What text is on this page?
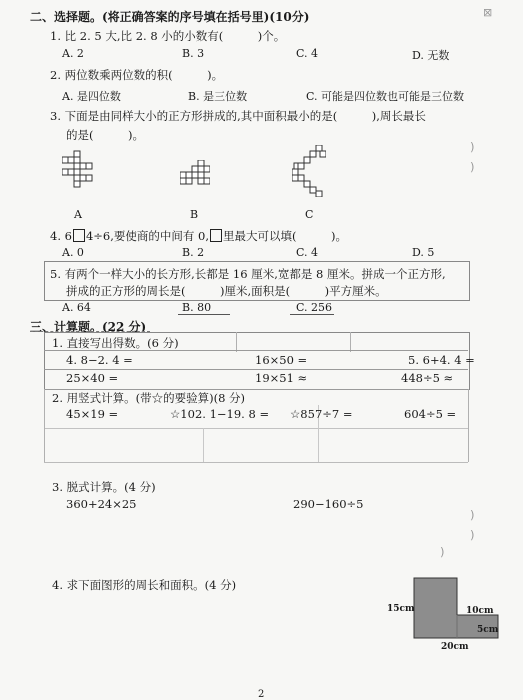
⊠
)
)
)
)
)
二、选择题。(将正确答案的序号填在括号里)(10分)
1. 比 2. 5 大,比 2. 8 小的小数有(　　　)个。
A. 2	B. 3	C. 4	D. 无数
2. 两位数乘两位数的积(　　　)。
A. 是四位数	B. 是三位数	C. 可能是四位数也可能是三位数
3. 下面是由同样大小的正方形拼成的,其中面积最小的是(　　　),周长最长
的是(　　　)。
A	B	C
4. 6 4÷6,要使商的中间有 0, 里最大可以填(　　　)。
A. 0	B. 2	C. 4	D. 5
5. 有两个一样大小的长方形,长都是 16 厘米,宽都是 8 厘米。拼成一个正方形,
拼成的正方形的周长是(　　　)厘米,面积是(　　　)平方厘米。
A. 64	B. 80	C. 256
三、计算题。(22 分)
1. 直接写出得数。(6 分)
4. 8−2. 4 =	16×50 =	5. 6+4. 4 =
25×40 =	19×51 ≈	448÷5 ≈
2. 用竖式计算。(带☆的要验算)(8 分)
45×19 =	☆102. 1−19. 8 = ☆857÷7 =	604÷5 =
3. 脱式计算。(4 分)
360+24×25	290−160÷5
4. 求下面图形的周长和面积。(4 分)
15cm	10cm
5cm
20cm
2
